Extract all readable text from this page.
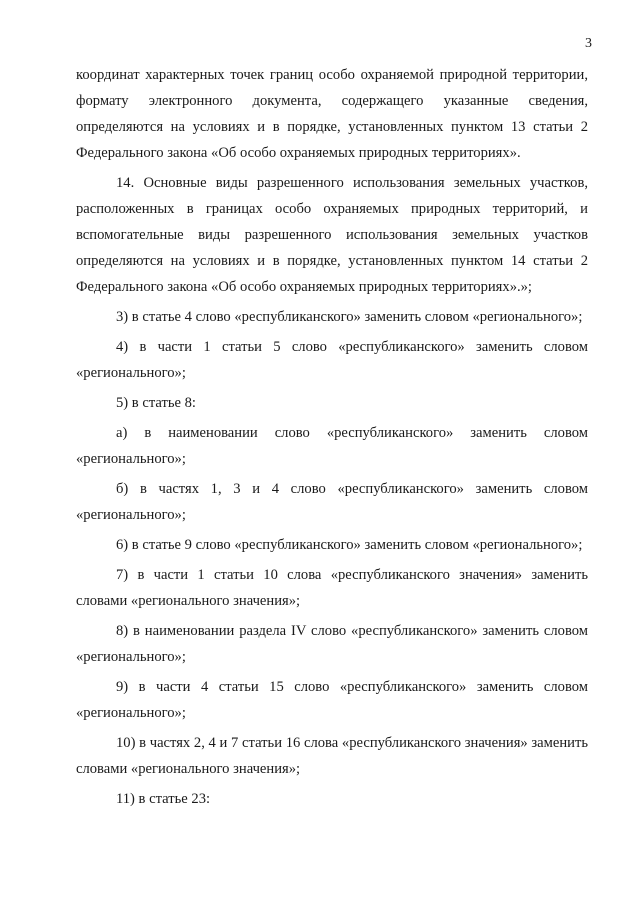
3

координат характерных точек границ особо охраняемой природной территории, формату электронного документа, содержащего указанные сведения, определяются на условиях и в порядке, установленных пунктом 13 статьи 2 Федерального закона «Об особо охраняемых природных территориях».

14. Основные виды разрешенного использования земельных участков, расположенных в границах особо охраняемых природных территорий, и вспомогательные виды разрешенного использования земельных участков определяются на условиях и в порядке, установленных пунктом 14 статьи 2 Федерального закона «Об особо охраняемых природных территориях».»;

3) в статье 4 слово «республиканского» заменить словом «регионального»;

4) в части 1 статьи 5 слово «республиканского» заменить словом «регионального»;

5) в статье 8:

а) в наименовании слово «республиканского» заменить словом «регионального»;

б) в частях 1, 3 и 4 слово «республиканского» заменить словом «регионального»;

6) в статье 9 слово «республиканского» заменить словом «регионального»;

7) в части 1 статьи 10 слова «республиканского значения» заменить словами «регионального значения»;

8) в наименовании раздела IV слово «республиканского» заменить словом «регионального»;

9) в части 4 статьи 15 слово «республиканского» заменить словом «регионального»;

10) в частях 2, 4 и 7 статьи 16 слова «республиканского значения» заменить словами «регионального значения»;

11) в статье 23:
